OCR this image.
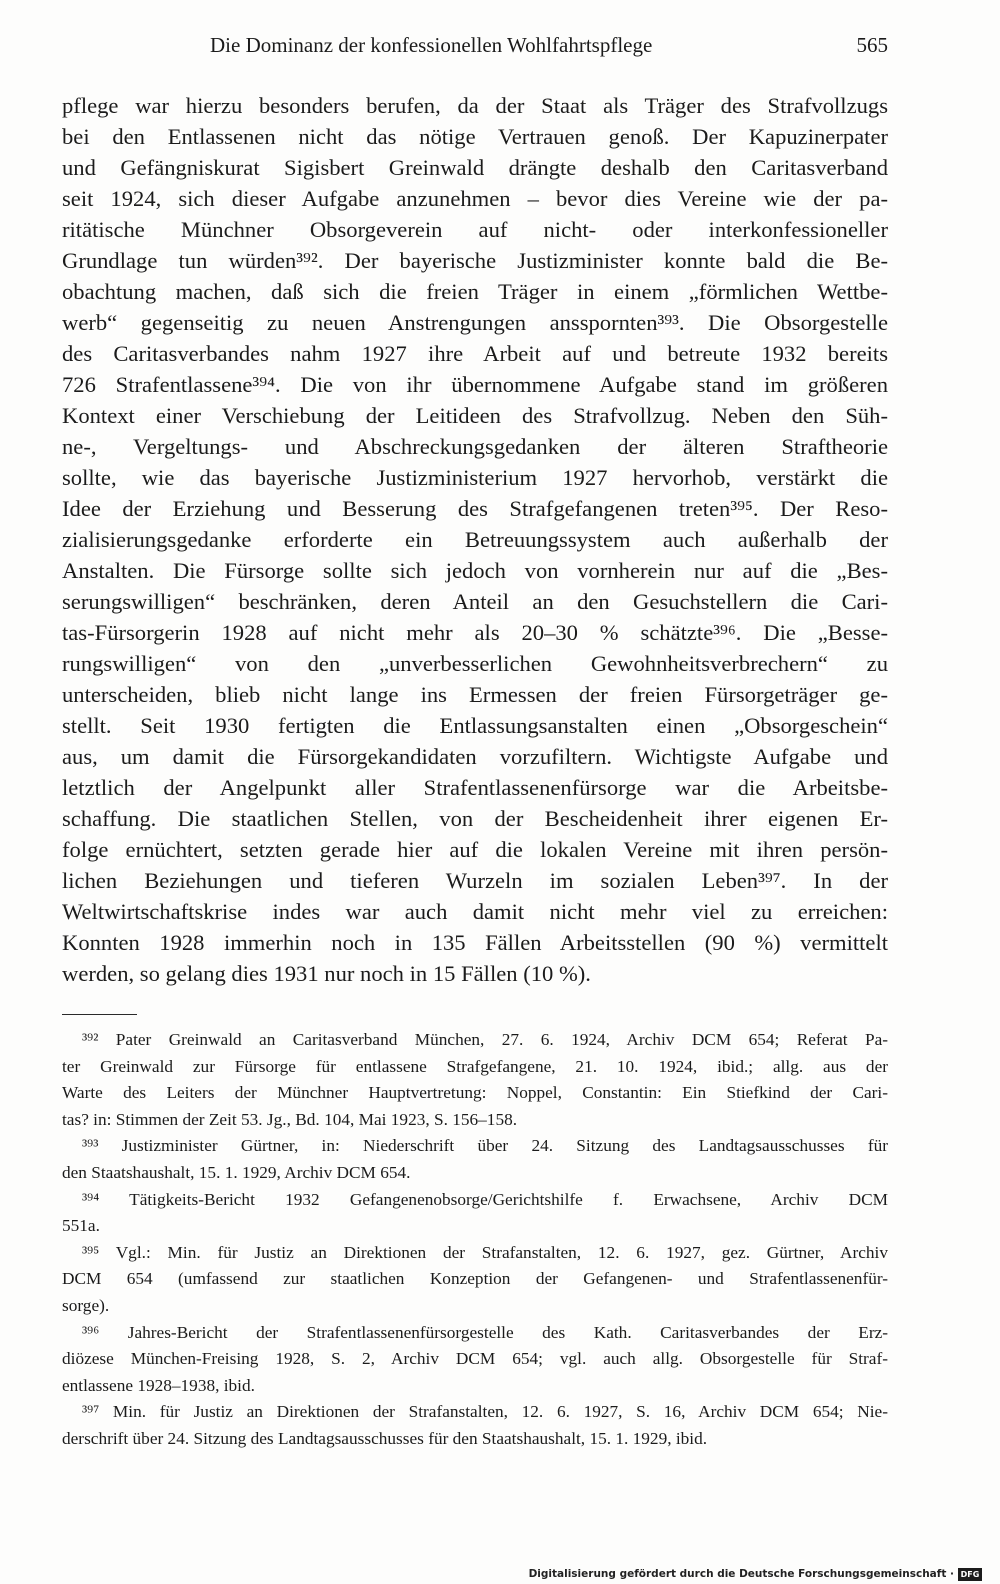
Die Dominanz der konfessionellen Wohlfahrtspflege	565
pflege war hierzu besonders berufen, da der Staat als Träger des Strafvollzugs
bei den Entlassenen nicht das nötige Vertrauen genoß. Der Kapuzinerpater
und Gefängniskurat Sigisbert Greinwald drängte deshalb den Caritasverband
seit 1924, sich dieser Aufgabe anzunehmen – bevor dies Vereine wie der pa-
ritätische Münchner Obsorgeverein auf nicht- oder interkonfessioneller
Grundlage tun würden³⁹². Der bayerische Justizminister konnte bald die Be-
obachtung machen, daß sich die freien Träger in einem „förmlichen Wettbe-
werb“ gegenseitig zu neuen Anstrengungen ansspornten³⁹³. Die Obsorgestelle
des Caritasverbandes nahm 1927 ihre Arbeit auf und betreute 1932 bereits
726 Strafentlassene³⁹⁴. Die von ihr übernommene Aufgabe stand im größeren
Kontext einer Verschiebung der Leitideen des Strafvollzug. Neben den Süh-
ne-, Vergeltungs- und Abschreckungsgedanken der älteren Straftheorie
sollte, wie das bayerische Justizministerium 1927 hervorhob, verstärkt die
Idee der Erziehung und Besserung des Strafgefangenen treten³⁹⁵. Der Reso-
zialisierungsgedanke erforderte ein Betreuungssystem auch außerhalb der
Anstalten. Die Fürsorge sollte sich jedoch von vornherein nur auf die „Bes-
serungswilligen“ beschränken, deren Anteil an den Gesuchstellern die Cari-
tas-Fürsorgerin 1928 auf nicht mehr als 20–30 % schätzte³⁹⁶. Die „Besse-
rungswilligen“ von den „unverbesserlichen Gewohnheitsverbrechern“ zu
unterscheiden, blieb nicht lange ins Ermessen der freien Fürsorgeträger ge-
stellt. Seit 1930 fertigten die Entlassungsanstalten einen „Obsorgeschein“
aus, um damit die Fürsorgekandidaten vorzufiltern. Wichtigste Aufgabe und
letztlich der Angelpunkt aller Strafentlassenenfürsorge war die Arbeitsbe-
schaffung. Die staatlichen Stellen, von der Bescheidenheit ihrer eigenen Er-
folge ernüchtert, setzten gerade hier auf die lokalen Vereine mit ihren persön-
lichen Beziehungen und tieferen Wurzeln im sozialen Leben³⁹⁷. In der
Weltwirtschaftskrise indes war auch damit nicht mehr viel zu erreichen:
Konnten 1928 immerhin noch in 135 Fällen Arbeitsstellen (90 %) vermittelt
werden, so gelang dies 1931 nur noch in 15 Fällen (10 %).
³⁹² Pater Greinwald an Caritasverband München, 27. 6. 1924, Archiv DCM 654; Referat Pa-
ter Greinwald zur Fürsorge für entlassene Strafgefangene, 21. 10. 1924, ibid.; allg. aus der
Warte des Leiters der Münchner Hauptvertretung: Noppel, Constantin: Ein Stiefkind der Cari-
tas? in: Stimmen der Zeit 53. Jg., Bd. 104, Mai 1923, S. 156–158.
³⁹³ Justizminister Gürtner, in: Niederschrift über 24. Sitzung des Landtagsausschusses für
den Staatshaushalt, 15. 1. 1929, Archiv DCM 654.
³⁹⁴ Tätigkeits-Bericht 1932 Gefangenenobsorge/Gerichtshilfe f. Erwachsene, Archiv DCM
551a.
³⁹⁵ Vgl.: Min. für Justiz an Direktionen der Strafanstalten, 12. 6. 1927, gez. Gürtner, Archiv
DCM 654 (umfassend zur staatlichen Konzeption der Gefangenen- und Strafentlassenenfür-
sorge).
³⁹⁶ Jahres-Bericht der Strafentlassenenfürsorgestelle des Kath. Caritasverbandes der Erz-
diözese München-Freising 1928, S. 2, Archiv DCM 654; vgl. auch allg. Obsorgestelle für Straf-
entlassene 1928–1938, ibid.
³⁹⁷ Min. für Justiz an Direktionen der Strafanstalten, 12. 6. 1927, S. 16, Archiv DCM 654; Nie-
derschrift über 24. Sitzung des Landtagsausschusses für den Staatshaushalt, 15. 1. 1929, ibid.
Digitalisierung gefördert durch die Deutsche Forschungsgemeinschaft · DFG
